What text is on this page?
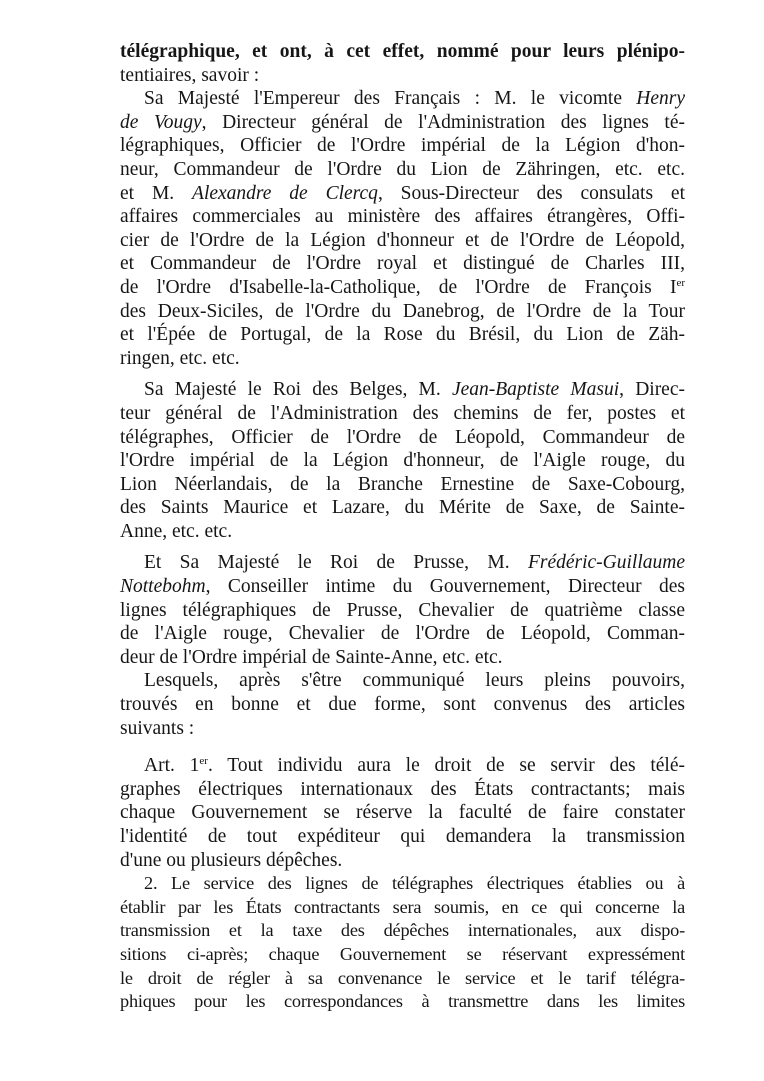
télégraphique, et ont, à cet effet, nommé pour leurs plénipo-
tentiaires, savoir :
Sa Majesté l'Empereur des Français : M. le vicomte Henry
de Vougy, Directeur général de l'Administration des lignes té-
légraphiques, Officier de l'Ordre impérial de la Légion d'hon-
neur, Commandeur de l'Ordre du Lion de Zähringen, etc. etc.
et M. Alexandre de Clercq, Sous-Directeur des consulats et
affaires commerciales au ministère des affaires étrangères, Offi-
cier de l'Ordre de la Légion d'honneur et de l'Ordre de Léopold,
et Commandeur de l'Ordre royal et distingué de Charles III,
de l'Ordre d'Isabelle-la-Catholique, de l'Ordre de François Ier
des Deux-Siciles, de l'Ordre du Danebrog, de l'Ordre de la Tour
et l'Épée de Portugal, de la Rose du Brésil, du Lion de Zäh-
ringen, etc. etc.
Sa Majesté le Roi des Belges, M. Jean-Baptiste Masui, Direc-
teur général de l'Administration des chemins de fer, postes et
télégraphes, Officier de l'Ordre de Léopold, Commandeur de
l'Ordre impérial de la Légion d'honneur, de l'Aigle rouge, du
Lion Néerlandais, de la Branche Ernestine de Saxe-Cobourg,
des Saints Maurice et Lazare, du Mérite de Saxe, de Sainte-
Anne, etc. etc.
Et Sa Majesté le Roi de Prusse, M. Frédéric-Guillaume
Nottebohm, Conseiller intime du Gouvernement, Directeur des
lignes télégraphiques de Prusse, Chevalier de quatrième classe
de l'Aigle rouge, Chevalier de l'Ordre de Léopold, Comman-
deur de l'Ordre impérial de Sainte-Anne, etc. etc.
Lesquels, après s'être communiqué leurs pleins pouvoirs,
trouvés en bonne et due forme, sont convenus des articles
suivants :
Art. 1er. Tout individu aura le droit de se servir des télé-
graphes électriques internationaux des États contractants; mais
chaque Gouvernement se réserve la faculté de faire constater
l'identité de tout expéditeur qui demandera la transmission
d'une ou plusieurs dépêches.
2. Le service des lignes de télégraphes électriques établies ou à
établir par les États contractants sera soumis, en ce qui concerne la
transmission et la taxe des dépêches internationales, aux dispo-
sitions ci-après; chaque Gouvernement se réservant expressément
le droit de régler à sa convenance le service et le tarif télégra-
phiques pour les correspondances à transmettre dans les limites
